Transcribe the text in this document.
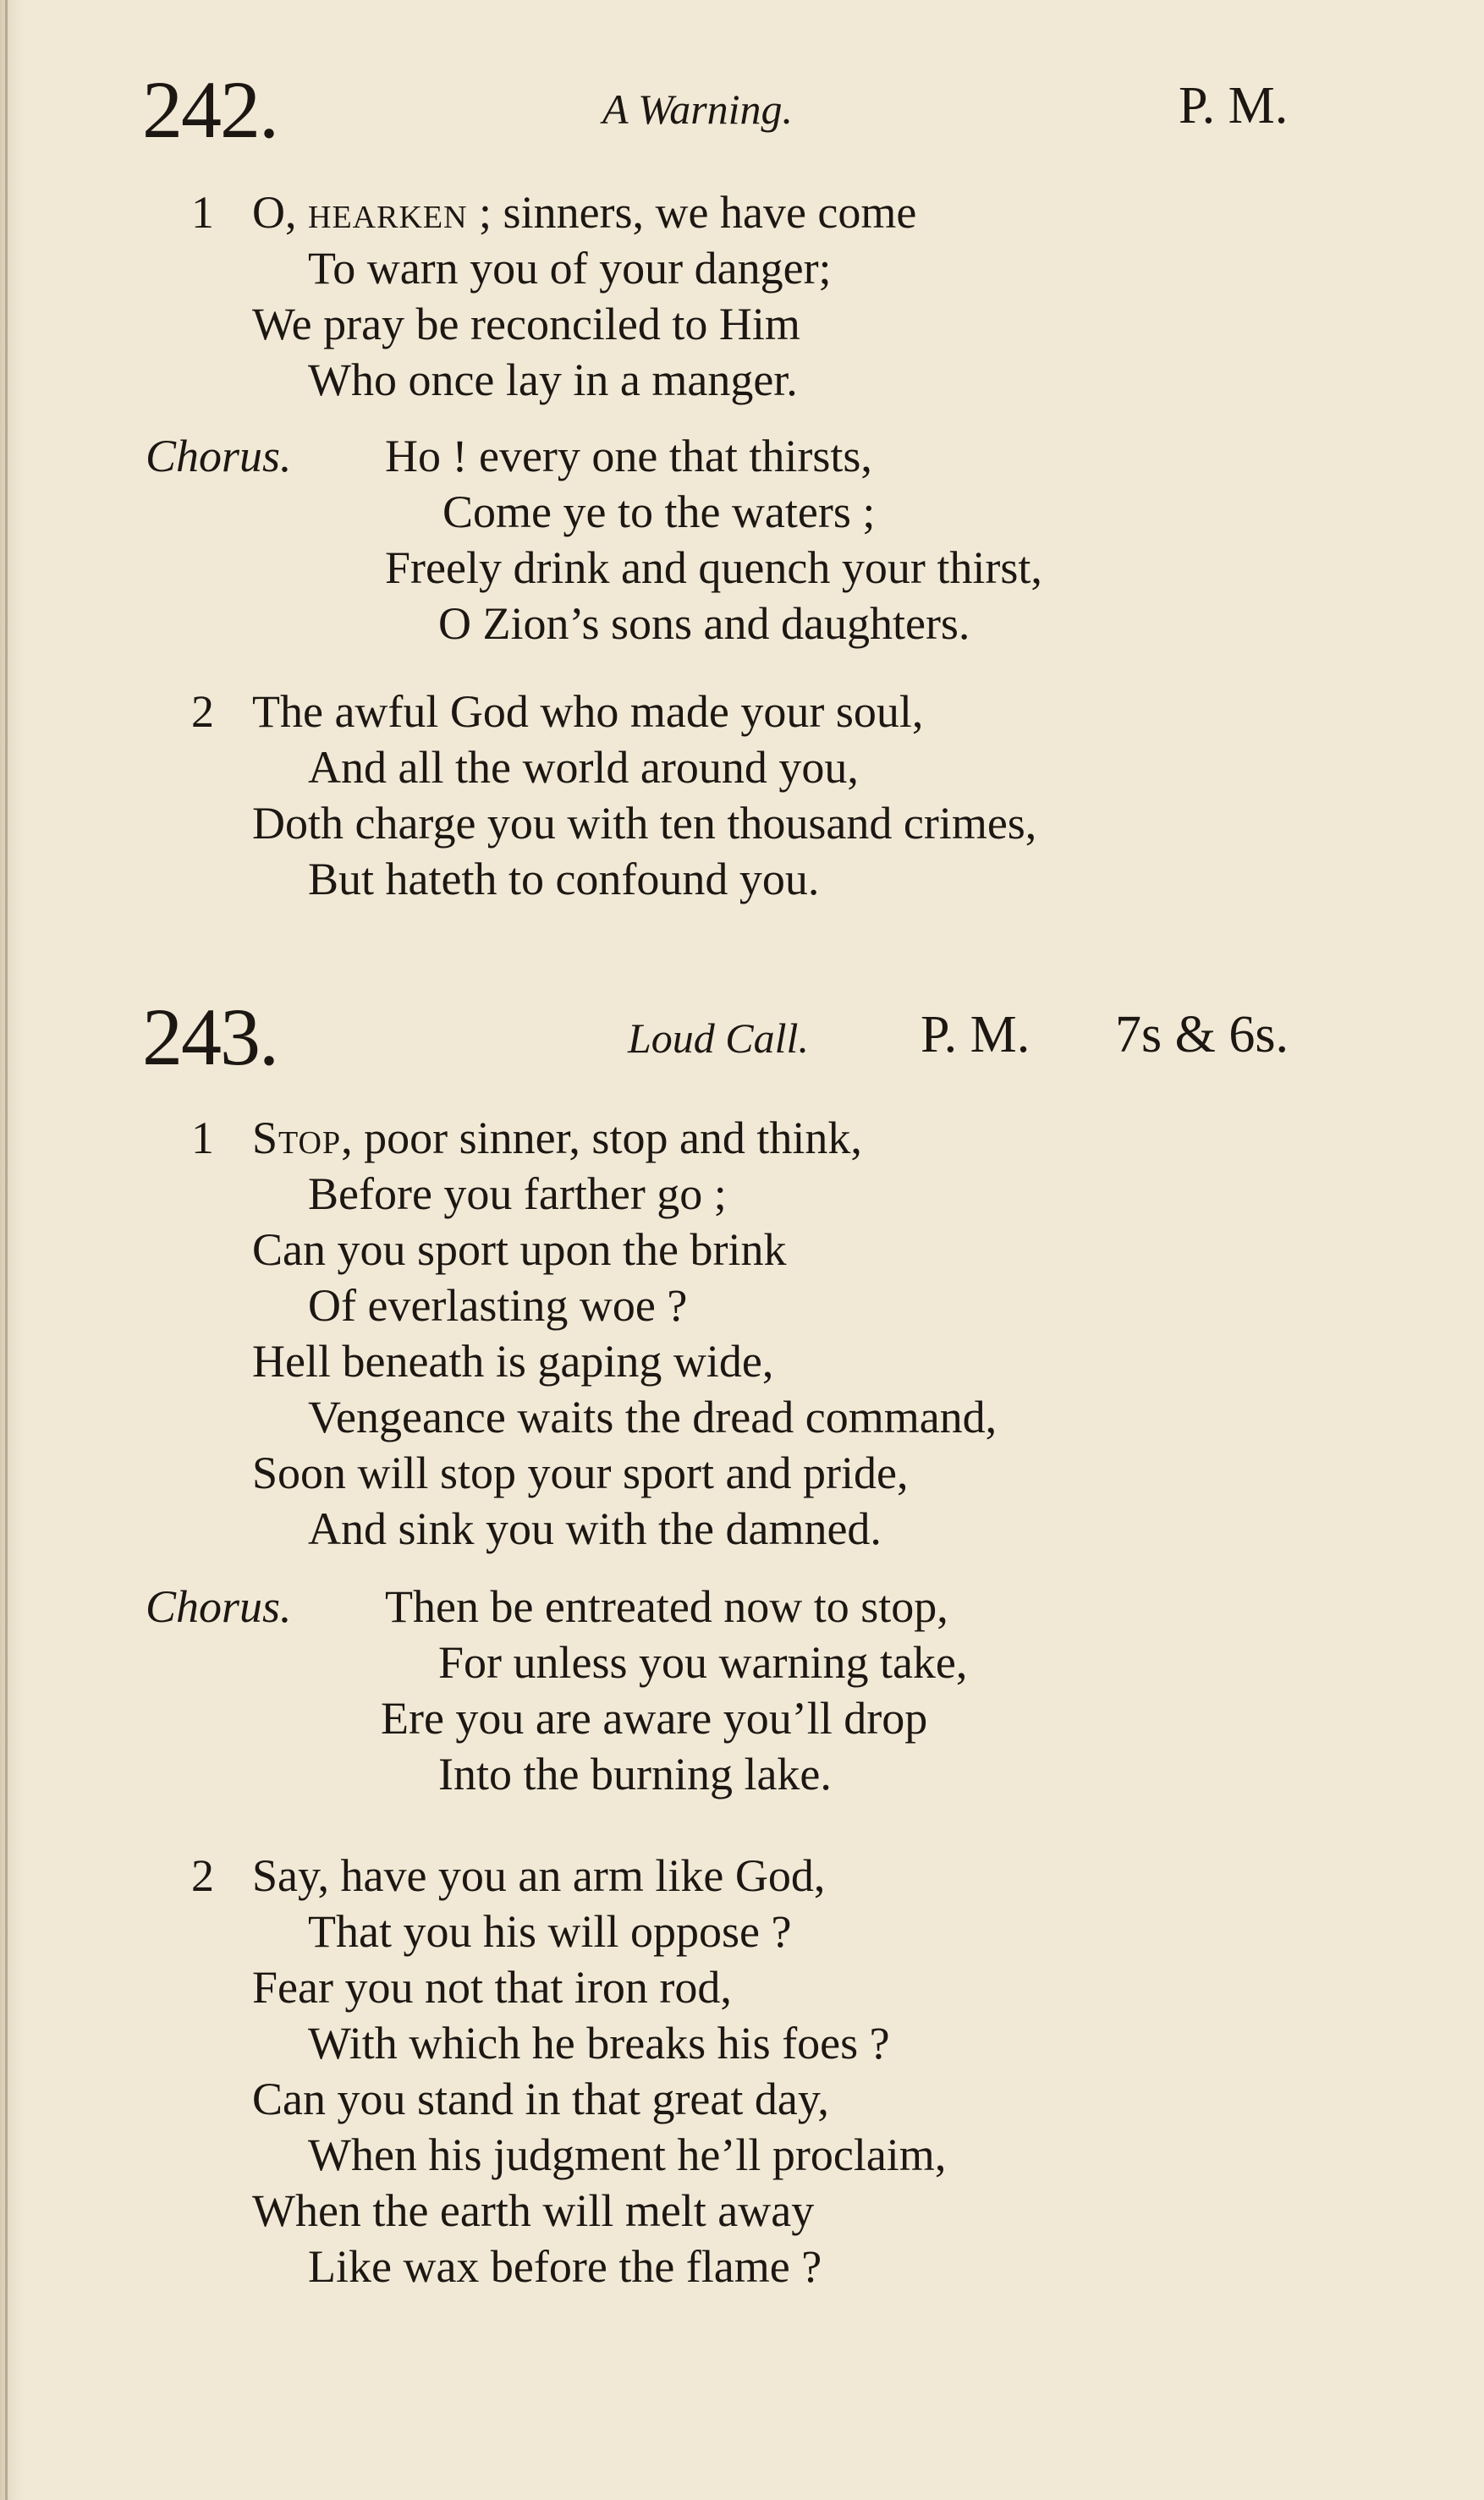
242.	A Warning.	P. M.
1 O, hearken ; sinners, we have come
To warn you of your danger;
We pray be reconciled to Him
Who once lay in a manger.
Chorus. Ho ! every one that thirsts,
Come ye to the waters ;
Freely drink and quench your thirst,
O Zion’s sons and daughters.
2 The awful God who made your soul,
And all the world around you,
Doth charge you with ten thousand crimes,
But hateth to confound you.
243.	Loud Call. P. M. 7s & 6s.
1 Stop, poor sinner, stop and think,
Before you farther go ;
Can you sport upon the brink
Of everlasting woe ?
Hell beneath is gaping wide,
Vengeance waits the dread command,
Soon will stop your sport and pride,
And sink you with the damned.
Chorus. Then be entreated now to stop,
For unless you warning take,
Ere you are aware you’ll drop
Into the burning lake.
2 Say, have you an arm like God,
That you his will oppose ?
Fear you not that iron rod,
With which he breaks his foes ?
Can you stand in that great day,
When his judgment he’ll proclaim,
When the earth will melt away
Like wax before the flame ?
